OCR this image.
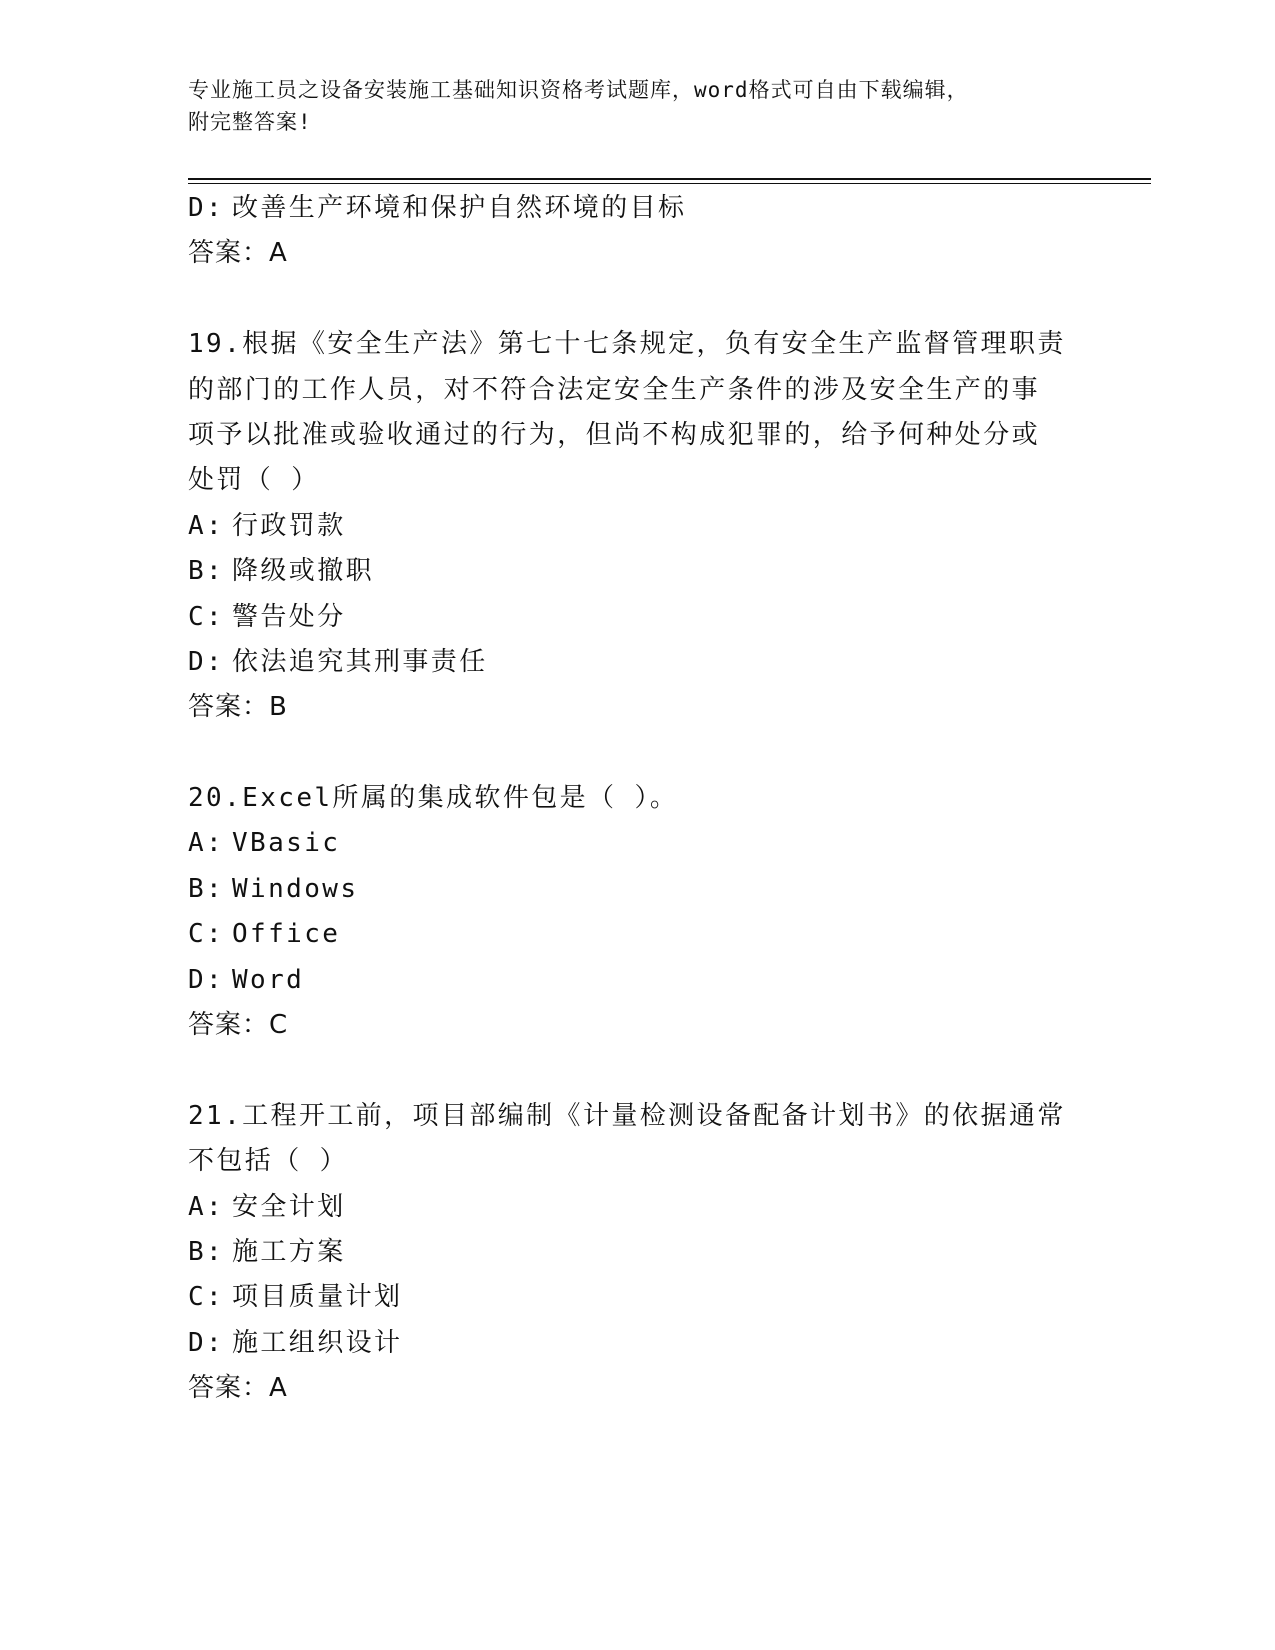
专业施工员之设备安装施工基础知识资格考试题库，word格式可自由下载编辑，
附完整答案!
D: 改善生产环境和保护自然环境的目标
答案：A
19.根据《安全生产法》第七十七条规定，负有安全生产监督管理职责
的部门的工作人员，对不符合法定安全生产条件的涉及安全生产的事
项予以批准或验收通过的行为，但尚不构成犯罪的，给予何种处分或
处罚（ ）
A: 行政罚款
B: 降级或撤职
C: 警告处分
D: 依法追究其刑事责任
答案：B
20.Excel所属的集成软件包是（ ）。
A: VBasic
B: Windows
C: Office
D: Word
答案：C
21.工程开工前，项目部编制《计量检测设备配备计划书》的依据通常
不包括（ ）
A: 安全计划
B: 施工方案
C: 项目质量计划
D: 施工组织设计
答案：A
